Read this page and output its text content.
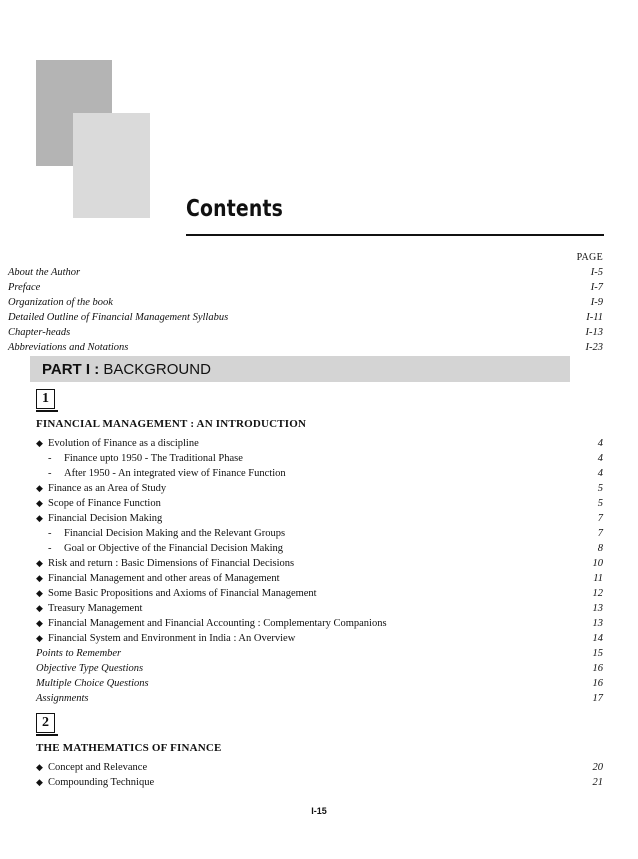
Contents
PAGE
About the Author	I-5
Preface	I-7
Organization of the book	I-9
Detailed Outline of Financial Management Syllabus	I-11
Chapter-heads	I-13
Abbreviations and Notations	I-23
PART I :
BACKGROUND
1
FINANCIAL MANAGEMENT : AN INTRODUCTION
◆ Evolution of Finance as a discipline	4
-	Finance upto 1950 - The Traditional Phase	4
-	After 1950 - An integrated view of Finance Function	4
◆ Finance as an Area of Study	5
◆ Scope of Finance Function	5
◆ Financial Decision Making	7
-	Financial Decision Making and the Relevant Groups	7
-	Goal or Objective of the Financial Decision Making	8
◆ Risk and return : Basic Dimensions of Financial Decisions	10
◆ Financial Management and other areas of Management	11
◆ Some Basic Propositions and Axioms of Financial Management	12
◆ Treasury Management	13
◆ Financial Management and Financial Accounting : Complementary Companions	13
◆ Financial System and Environment in India : An Overview	14
Points to Remember	15
Objective Type Questions	16
Multiple Choice Questions	16
Assignments	17
2
THE MATHEMATICS OF FINANCE
◆ Concept and Relevance	20
◆ Compounding Technique	21
I-15
